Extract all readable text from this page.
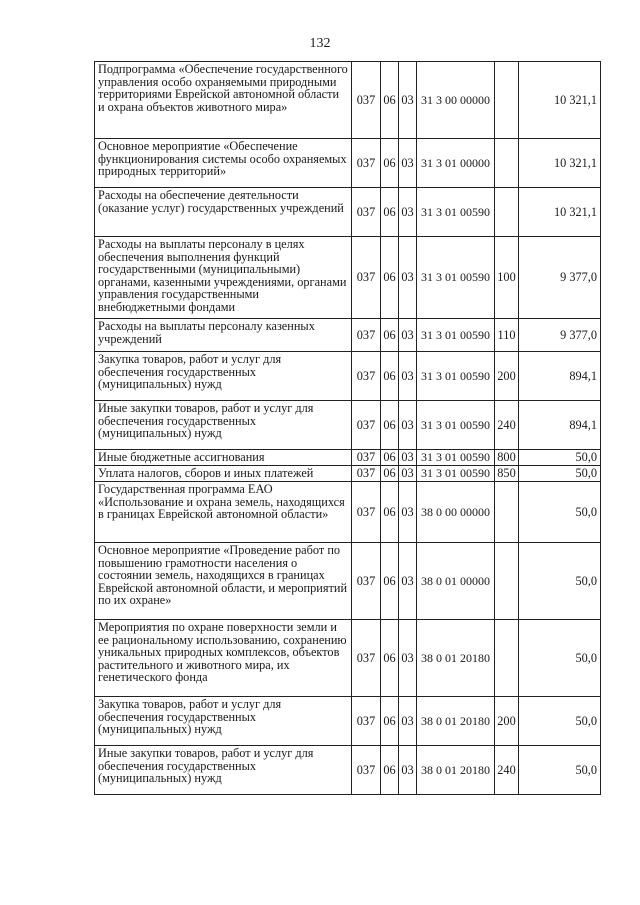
132
Подпрограмма «Обеспечение государственного управления особо охраняемыми природными территориями Еврейской автономной области и охрана объектов животного мира»	037	06	03	31 3 00 00000		10 321,1
Основное мероприятие «Обеспечение функционирования системы особо охраняемых природных территорий»	037	06	03	31 3 01 00000		10 321,1
Расходы на обеспечение деятельности (оказание услуг) государственных учреждений	037	06	03	31 3 01 00590		10 321,1
Расходы на выплаты персоналу в целях обеспечения выполнения функций государственными (муниципальными) органами, казенными учреждениями, органами управления государственными внебюджетными фондами	037	06	03	31 3 01 00590	100	9 377,0
Расходы на выплаты персоналу казенных учреждений	037	06	03	31 3 01 00590	110	9 377,0
Закупка товаров, работ и услуг для обеспечения государственных (муниципальных) нужд	037	06	03	31 3 01 00590	200	894,1
Иные закупки товаров, работ и услуг для обеспечения государственных (муниципальных) нужд	037	06	03	31 3 01 00590	240	894,1
Иные бюджетные ассигнования	037	06	03	31 3 01 00590	800	50,0
Уплата налогов, сборов и иных платежей	037	06	03	31 3 01 00590	850	50,0
Государственная программа ЕАО «Использование и охрана земель, находящихся в границах Еврейской автономной области»	037	06	03	38 0 00 00000		50,0
Основное мероприятие «Проведение работ по повышению грамотности населения о состоянии земель, находящихся в границах Еврейской автономной области, и мероприятий по их охране»	037	06	03	38 0 01 00000		50,0
Мероприятия по охране поверхности земли и ее рациональному использованию, сохранению уникальных природных комплексов, объектов растительного и животного мира, их генетического фонда	037	06	03	38 0 01 20180		50,0
Закупка товаров, работ и услуг для обеспечения государственных (муниципальных) нужд	037	06	03	38 0 01 20180	200	50,0
Иные закупки товаров, работ и услуг для обеспечения государственных (муниципальных) нужд	037	06	03	38 0 01 20180	240	50,0
